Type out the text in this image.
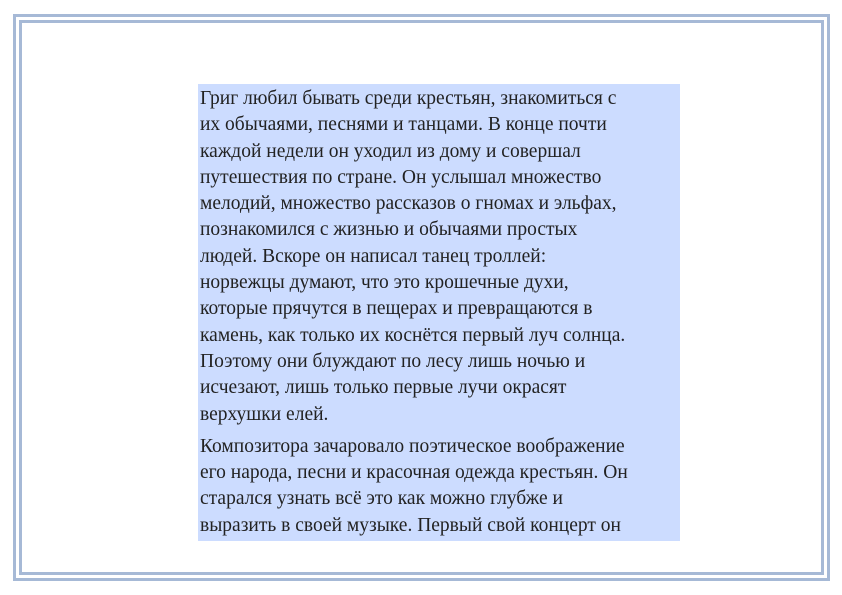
Григ любил бывать среди крестьян, знакомиться с
их обычаями, песнями и танцами. В конце почти
каждой недели он уходил из дому и совершал
путешествия по стране. Он услышал множество
мелодий, множество рассказов о гномах и эльфах,
познакомился с жизнью и обычаями простых
людей. Вскоре он написал танец троллей:
норвежцы думают, что это крошечные духи,
которые прячутся в пещерах и превращаются в
камень, как только их коснётся первый луч солнца.
Поэтому они блуждают по лесу лишь ночью и
исчезают, лишь только первые лучи окрасят
верхушки елей.

Композитора зачаровало поэтическое воображение
его народа, песни и красочная одежда крестьян. Он
старался узнать всё это как можно глубже и
выразить в своей музыке. Первый свой концерт он
